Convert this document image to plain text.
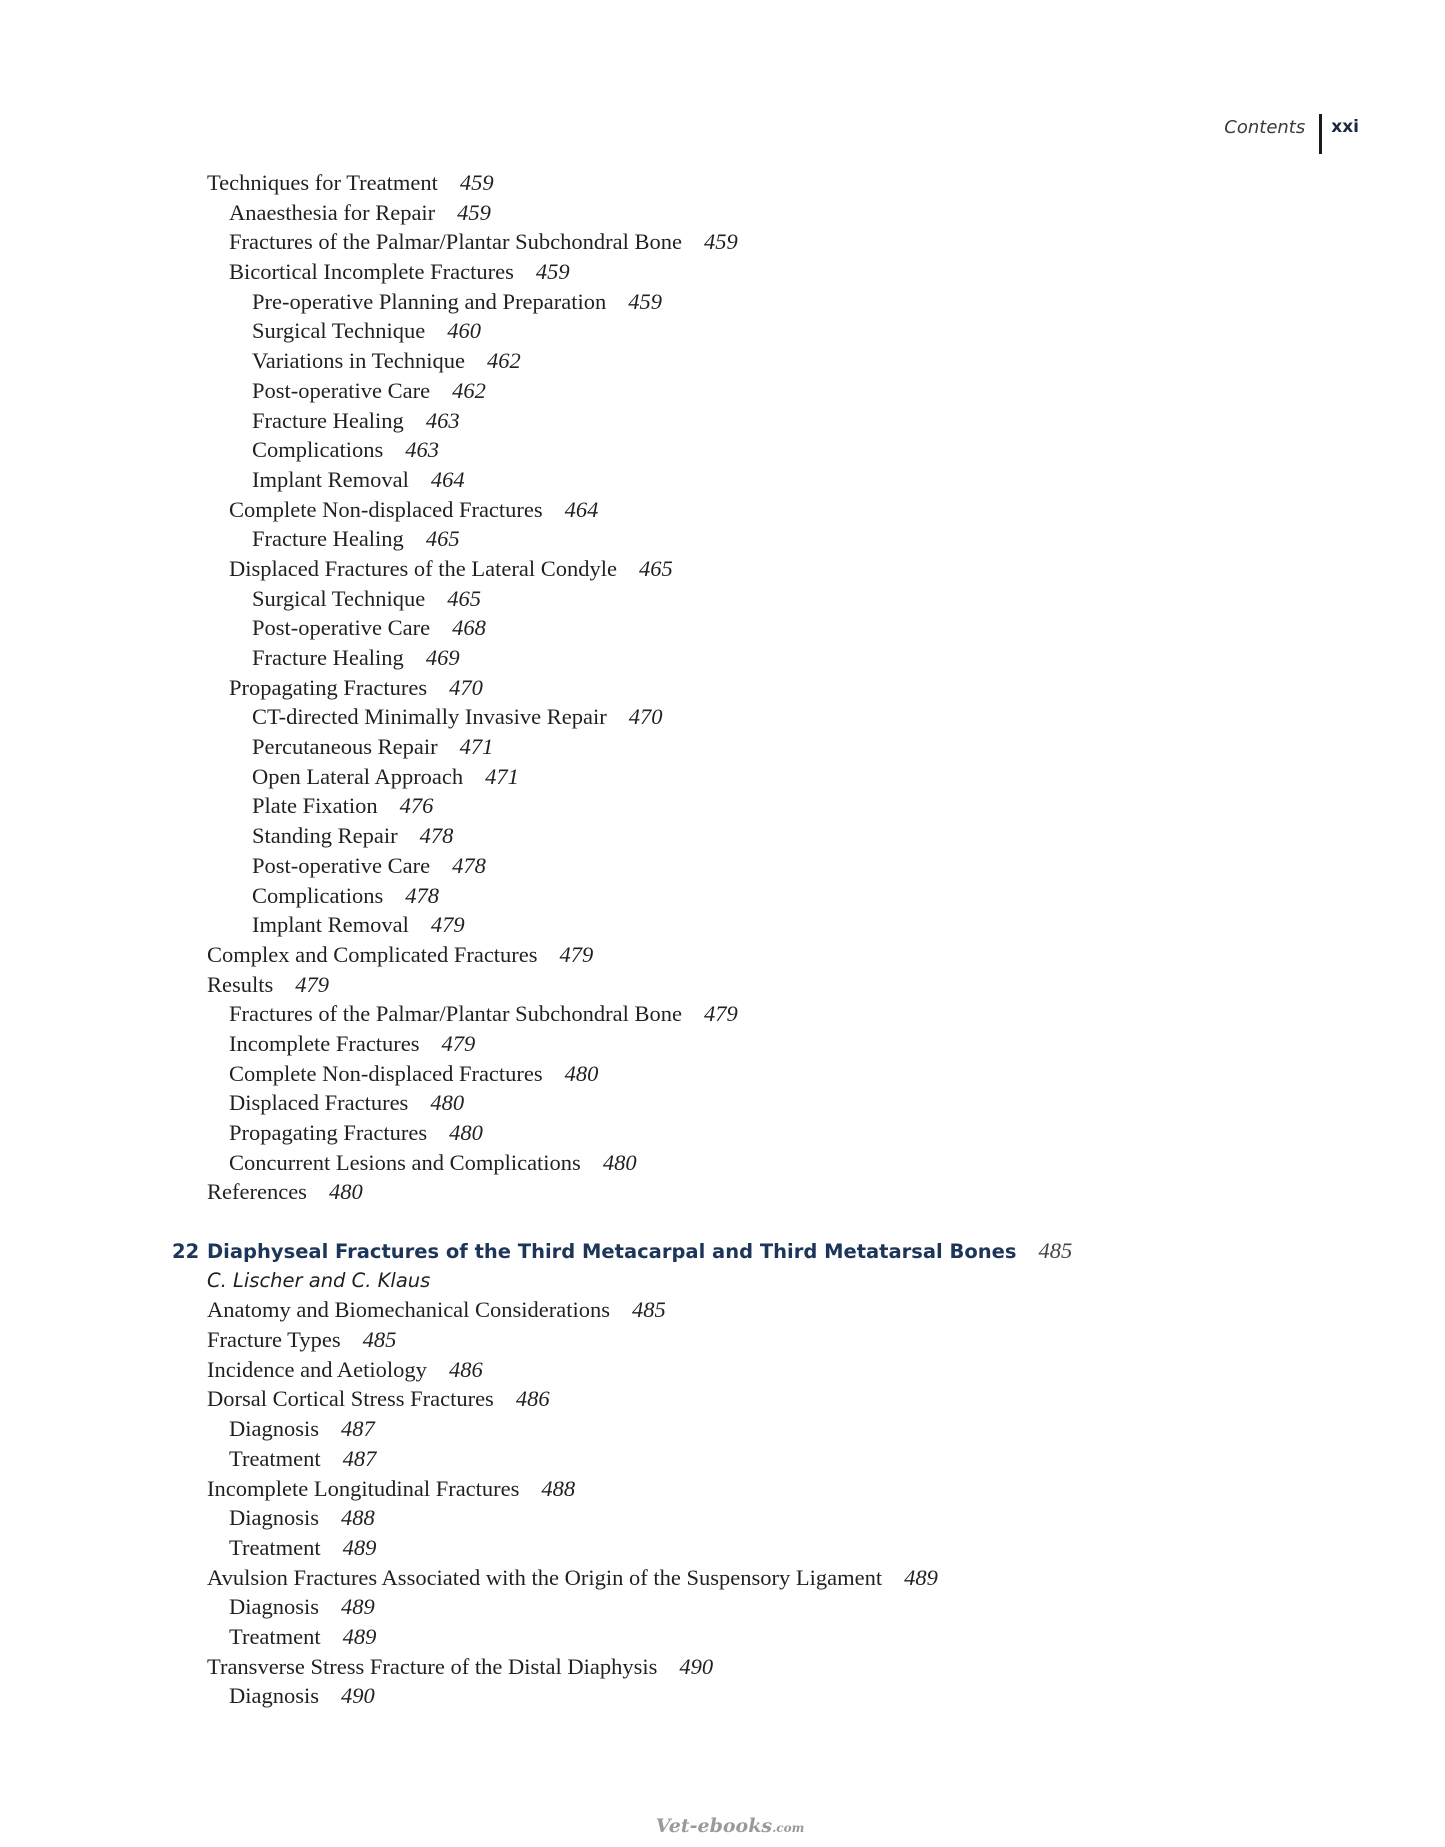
Contents	xxi
Techniques for Treatment 459
Anaesthesia for Repair 459
Fractures of the Palmar/Plantar Subchondral Bone 459
Bicortical Incomplete Fractures 459
Pre-operative Planning and Preparation 459
Surgical Technique 460
Variations in Technique 462
Post-operative Care 462
Fracture Healing 463
Complications 463
Implant Removal 464
Complete Non-displaced Fractures 464
Fracture Healing 465
Displaced Fractures of the Lateral Condyle 465
Surgical Technique 465
Post-operative Care 468
Fracture Healing 469
Propagating Fractures 470
CT-directed Minimally Invasive Repair 470
Percutaneous Repair 471
Open Lateral Approach 471
Plate Fixation 476
Standing Repair 478
Post-operative Care 478
Complications 478
Implant Removal 479
Complex and Complicated Fractures 479
Results 479
Fractures of the Palmar/Plantar Subchondral Bone 479
Incomplete Fractures 479
Complete Non-displaced Fractures 480
Displaced Fractures 480
Propagating Fractures 480
Concurrent Lesions and Complications 480
References 480
22 Diaphyseal Fractures of the Third Metacarpal and Third Metatarsal Bones 485
C. Lischer and C. Klaus
Anatomy and Biomechanical Considerations 485
Fracture Types 485
Incidence and Aetiology 486
Dorsal Cortical Stress Fractures 486
Diagnosis 487
Treatment 487
Incomplete Longitudinal Fractures 488
Diagnosis 488
Treatment 489
Avulsion Fractures Associated with the Origin of the Suspensory Ligament 489
Diagnosis 489
Treatment 489
Transverse Stress Fracture of the Distal Diaphysis 490
Diagnosis 490
Vet-ebooks.com
